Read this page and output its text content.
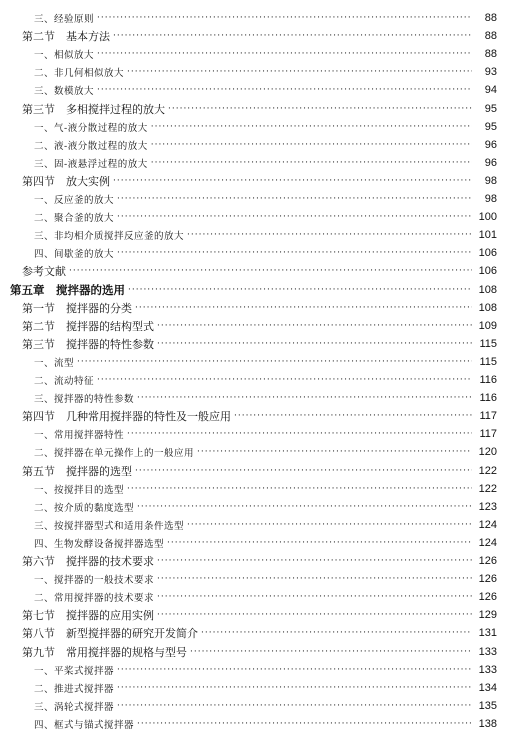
三、经验原则 ·····	88
第二节　基本方法 ·····	88
一、相似放大 ·····	88
二、非几何相似放大 ·····	93
三、数模放大 ·····	94
第三节　多相搅拌过程的放大 ·····	95
一、气-液分散过程的放大 ·····	95
二、液-液分散过程的放大 ·····	96
三、固-液悬浮过程的放大 ·····	96
第四节　放大实例 ·····	98
一、反应釜的放大 ·····	98
二、聚合釜的放大 ·····	100
三、非均相介质搅拌反应釜的放大 ·····	101
四、间歇釜的放大 ·····	106
参考文献 ·····	106
第五章　搅拌器的选用 ·····	108
第一节　搅拌器的分类 ·····	108
第二节　搅拌器的结构型式 ·····	109
第三节　搅拌器的特性参数 ·····	115
一、流型 ·····	115
二、流动特征 ·····	116
三、搅拌器的特性参数 ·····	116
第四节　几种常用搅拌器的特性及一般应用 ·····	117
一、常用搅拌器特性 ·····	117
二、搅拌器在单元操作上的一般应用 ·····	120
第五节　搅拌器的选型 ·····	122
一、按搅拌目的选型 ·····	122
二、按介质的黏度选型 ·····	123
三、按搅拌器型式和适用条件选型 ·····	124
四、生物发酵设备搅拌器选型 ·····	124
第六节　搅拌器的技术要求 ·····	126
一、搅拌器的一般技术要求 ·····	126
二、常用搅拌器的技术要求 ·····	126
第七节　搅拌器的应用实例 ·····	129
第八节　新型搅拌器的研究开发简介 ·····	131
第九节　常用搅拌器的规格与型号 ·····	133
一、平桨式搅拌器 ·····	133
二、推进式搅拌器 ·····	134
三、涡轮式搅拌器 ·····	135
四、框式与锚式搅拌器 ·····	138
